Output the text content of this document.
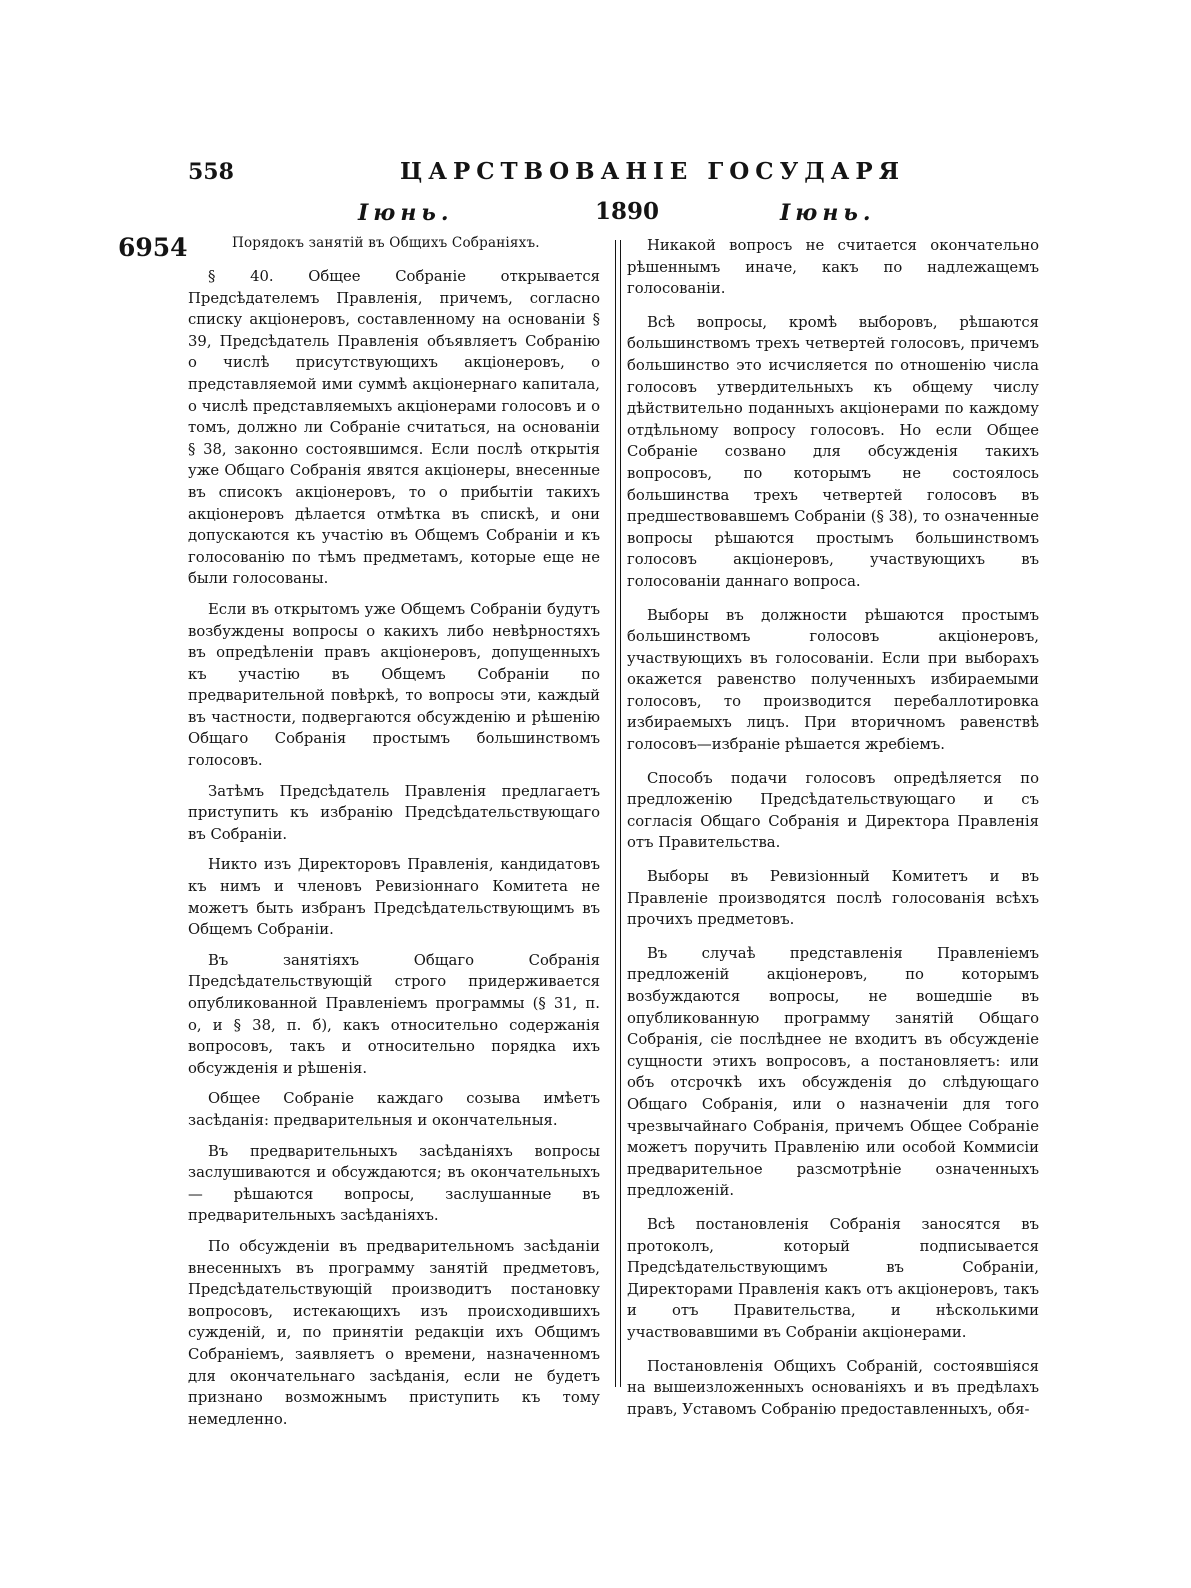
558	ЦАРСТВОВАНІЕ ГОСУДАРЯ
Іюнь.	1890	Іюнь.
6954	Порядокъ занятій въ Общихъ Собраніяхъ.

§ 40. Общее Собраніе открывается Предсѣдателемъ Правленія, причемъ, согласно списку акціонеровъ, составленному на основаніи § 39, Предсѣдатель Правленія объявляетъ Собранію о числѣ присутствующихъ акціонеровъ, о представляемой ими суммѣ акціонернаго капитала, о числѣ представляемыхъ акціонерами голосовъ и о томъ, должно ли Собраніе считаться, на основаніи § 38, законно состоявшимся. Если послѣ открытія уже Общаго Собранія явятся акціонеры, внесенные въ списокъ акціонеровъ, то о прибытіи такихъ акціонеровъ дѣлается отмѣтка въ спискѣ, и они допускаются къ участію въ Общемъ Собраніи и къ голосованію по тѣмъ предметамъ, которые еще не были голосованы.

Если въ открытомъ уже Общемъ Собраніи будутъ возбуждены вопросы о какихъ либо невѣрностяхъ въ опредѣленіи правъ акціонеровъ, допущенныхъ къ участію въ Общемъ Собраніи по предварительной повѣркѣ, то вопросы эти, каждый въ частности, подвергаются обсужденію и рѣшенію Общаго Собранія простымъ большинствомъ голосовъ.

Затѣмъ Предсѣдатель Правленія предлагаетъ приступить къ избранію Предсѣдательствующаго въ Собраніи.

Никто изъ Директоровъ Правленія, кандидатовъ къ нимъ и членовъ Ревизіоннаго Комитета не можетъ быть избранъ Предсѣдательствующимъ въ Общемъ Собраніи.

Въ занятіяхъ Общаго Собранія Предсѣдательствующій строго придерживается опубликованной Правленіемъ программы (§ 31, п. о, и § 38, п. б), какъ относительно содержанія вопросовъ, такъ и относительно порядка ихъ обсужденія и рѣшенія.

Общее Собраніе каждаго созыва имѣетъ засѣданія: предварительныя и окончательныя.

Въ предварительныхъ засѣданіяхъ вопросы заслушиваются и обсуждаются; въ окончательныхъ— рѣшаются вопросы, заслушанные въ предварительныхъ засѣданіяхъ.

По обсужденіи въ предварительномъ засѣданіи внесенныхъ въ программу занятій предметовъ, Предсѣдательствующій производитъ постановку вопросовъ, истекающихъ изъ происходившихъ сужденій, и, по принятіи редакціи ихъ Общимъ Собраніемъ, заявляетъ о времени, назначенномъ для окончательнаго засѣданія, если не будетъ признано возможнымъ приступить къ тому немедленно.

Никакой вопросъ не считается окончательно рѣшеннымъ иначе, какъ по надлежащемъ голосованіи.

Всѣ вопросы, кромѣ выборовъ, рѣшаются большинствомъ трехъ четвертей голосовъ, причемъ большинство это исчисляется по отношенію числа голосовъ утвердительныхъ къ общему числу дѣйствительно поданныхъ акціонерами по каждому отдѣльному вопросу голосовъ. Но если Общее Собраніе созвано для обсужденія такихъ вопросовъ, по которымъ не состоялось большинства трехъ четвертей голосовъ въ предшествовавшемъ Собраніи (§ 38), то означенные вопросы рѣшаются простымъ большинствомъ голосовъ акціонеровъ, участвующихъ въ голосованіи даннаго вопроса.

Выборы въ должности рѣшаются простымъ большинствомъ голосовъ акціонеровъ, участвующихъ въ голосованіи. Если при выборахъ окажется равенство полученныхъ избираемыми голосовъ, то производится перебаллотировка избираемыхъ лицъ. При вторичномъ равенствѣ голосовъ—избраніе рѣшается жребіемъ.

Способъ подачи голосовъ опредѣляется по предложенію Предсѣдательствующаго и съ согласія Общаго Собранія и Директора Правленія отъ Правительства.

Выборы въ Ревизіонный Комитетъ и въ Правленіе производятся послѣ голосованія всѣхъ прочихъ предметовъ.

Въ случаѣ представленія Правленіемъ предложеній акціонеровъ, по которымъ возбуждаются вопросы, не вошедшіе въ опубликованную программу занятій Общаго Собранія, сіе послѣднее не входитъ въ обсужденіе сущности этихъ вопросовъ, а постановляетъ: или объ отсрочкѣ ихъ обсужденія до слѣдующаго Общаго Собранія, или о назначеніи для того чрезвычайнаго Собранія, причемъ Общее Собраніе можетъ поручить Правленію или особой Коммисіи предварительное разсмотрѣніе означенныхъ предложеній.

Всѣ постановленія Собранія заносятся въ протоколъ, который подписывается Предсѣдательствующимъ въ Собраніи, Директорами Правленія какъ отъ акціонеровъ, такъ и отъ Правительства, и нѣсколькими участвовавшими въ Собраніи акціонерами.

Постановленія Общихъ Собраній, состоявшіяся на вышеизложенныхъ основаніяхъ и въ предѣлахъ правъ, Уставомъ Собранію предоставленныхъ, обя-
